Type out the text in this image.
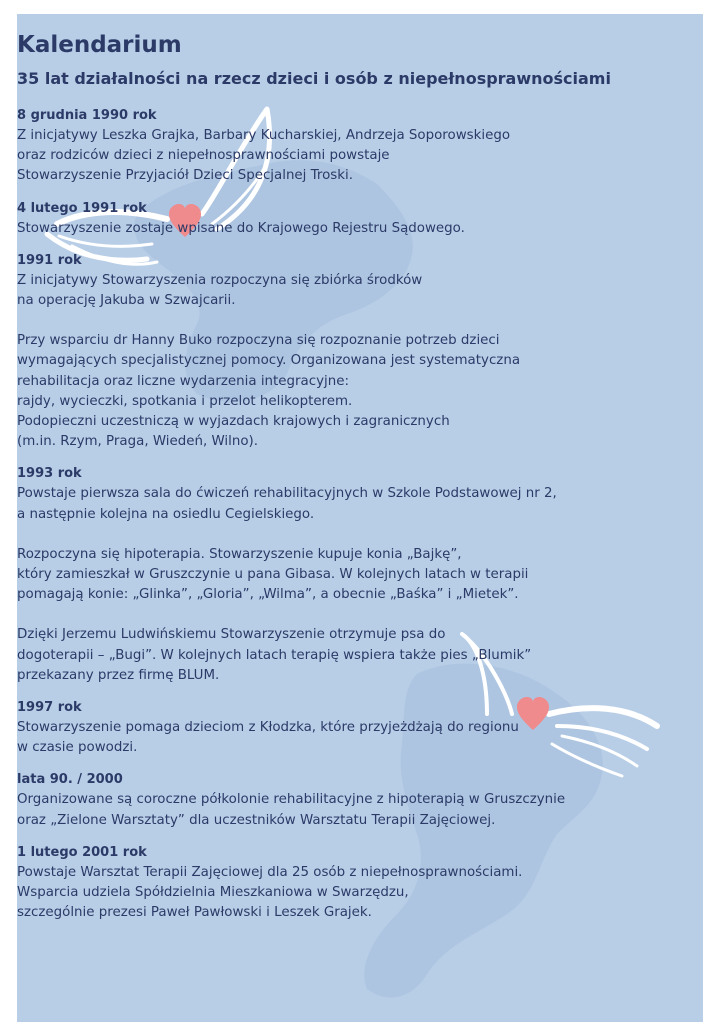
Kalendarium
35 lat działalności na rzecz dzieci i osób z niepełnosprawnościami
8 grudnia 1990 rok

Z inicjatywy Leszka Grajka, Barbary Kucharskiej, Andrzeja Soporowskiego
oraz rodziców dzieci z niepełnosprawnościami powstaje
Stowarzyszenie Przyjaciół Dzieci Specjalnej Troski.

4 lutego 1991 rok

Stowarzyszenie zostaje wpisane do Krajowego Rejestru Sądowego.

1991 rok

Z inicjatywy Stowarzyszenia rozpoczyna się zbiórka środków
na operację Jakuba w Szwajcarii.

Przy wsparciu dr Hanny Buko rozpoczyna się rozpoznanie potrzeb dzieci
wymagających specjalistycznej pomocy. Organizowana jest systematyczna
rehabilitacja oraz liczne wydarzenia integracyjne:
rajdy, wycieczki, spotkania i przelot helikopterem.
Podopieczni uczestniczą w wyjazdach krajowych i zagranicznych
(m.in. Rzym, Praga, Wiedeń, Wilno).

1993 rok

Powstaje pierwsza sala do ćwiczeń rehabilitacyjnych w Szkole Podstawowej nr 2,
a następnie kolejna na osiedlu Cegielskiego.

Rozpoczyna się hipoterapia. Stowarzyszenie kupuje konia „Bajkę”,
który zamieszkał w Gruszczynie u pana Gibasa. W kolejnych latach w terapii
pomagają konie: „Glinka”, „Gloria”, „Wilma”, a obecnie „Baśka” i „Mietek”.

Dzięki Jerzemu Ludwińskiemu Stowarzyszenie otrzymuje psa do
dogoterapii – „Bugi”. W kolejnych latach terapię wspiera także pies „Blumik”
przekazany przez firmę BLUM.

1997 rok

Stowarzyszenie pomaga dzieciom z Kłodzka, które przyjeżdżają do regionu
w czasie powodzi.

lata 90. / 2000

Organizowane są coroczne półkolonie rehabilitacyjne z hipoterapią w Gruszczynie
oraz „Zielone Warsztaty” dla uczestników Warsztatu Terapii Zajęciowej.

1 lutego 2001 rok

Powstaje Warsztat Terapii Zajęciowej dla 25 osób z niepełnosprawnościami.
Wsparcia udziela Spółdzielnia Mieszkaniowa w Swarzędzu,
szczególnie prezesi Paweł Pawłowski i Leszek Grajek.
